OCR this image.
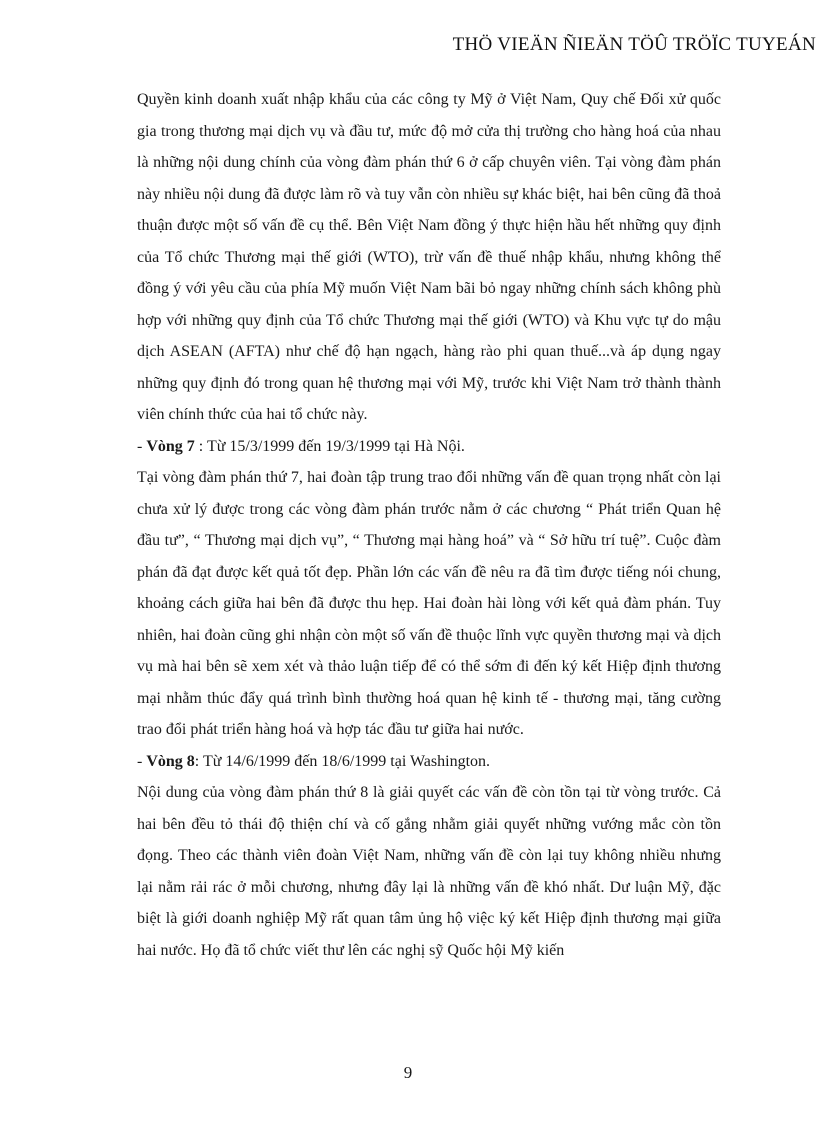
THÖ VIEÄN ÑIEÄN TÖÛ TRÖÏC TUYEÁN

Quyền kinh doanh xuất nhập khẩu của các công ty Mỹ ở Việt Nam, Quy chế Đối xử quốc gia trong thương mại dịch vụ và đầu tư, mức độ mở cửa thị trường cho hàng hoá của nhau là những nội dung chính của vòng đàm phán thứ 6 ở cấp chuyên viên. Tại vòng đàm phán này nhiều nội dung đã được làm rõ và tuy vẫn còn nhiều sự khác biệt, hai bên cũng đã thoả thuận được một số vấn đề cụ thể. Bên Việt Nam đồng ý thực hiện hầu hết những quy định của Tổ chức Thương mại thế giới (WTO), trừ vấn đề thuế nhập khẩu, nhưng không thể đồng ý với yêu cầu của phía Mỹ muốn Việt Nam bãi bỏ ngay những chính sách không phù hợp với những quy định của Tổ chức Thương mại thế giới (WTO) và Khu vực tự do mậu dịch ASEAN (AFTA) như chế độ hạn ngạch, hàng rào phi quan thuế...và áp dụng ngay những quy định đó trong quan hệ thương mại với Mỹ, trước khi Việt Nam trở thành thành viên chính thức của hai tổ chức này.

- Vòng 7 : Từ 15/3/1999 đến 19/3/1999 tại Hà Nội.

Tại vòng đàm phán thứ 7, hai đoàn tập trung trao đổi những vấn đề quan trọng nhất còn lại chưa xử lý được trong các vòng đàm phán trước nằm ở các chương “ Phát triển Quan hệ đầu tư”, “ Thương mại dịch vụ”, “ Thương mại hàng hoá” và “ Sở hữu trí tuệ”. Cuộc đàm phán đã đạt được kết quả tốt đẹp. Phần lớn các vấn đề nêu ra đã tìm được tiếng nói chung, khoảng cách giữa hai bên đã được thu hẹp. Hai đoàn hài lòng với kết quả đàm phán. Tuy nhiên, hai đoàn cũng ghi nhận còn một số vấn đề thuộc lĩnh vực quyền thương mại và dịch vụ mà hai bên sẽ xem xét và thảo luận tiếp để có thể sớm đi đến ký kết Hiệp định thương mại nhằm thúc đẩy quá trình bình thường hoá quan hệ kinh tế - thương mại, tăng cường trao đổi phát triển hàng hoá và hợp tác đầu tư giữa hai nước.

- Vòng 8: Từ 14/6/1999 đến 18/6/1999 tại Washington.

Nội dung của vòng đàm phán thứ 8 là giải quyết các vấn đề còn tồn tại từ vòng trước. Cả hai bên đều tỏ thái độ thiện chí và cố gắng nhằm giải quyết những vướng mắc còn tồn đọng. Theo các thành viên đoàn Việt Nam, những vấn đề còn lại tuy không nhiều nhưng lại nằm rải rác ở mỗi chương, nhưng đây lại là những vấn đề khó nhất. Dư luận Mỹ, đặc biệt là giới doanh nghiệp Mỹ rất quan tâm ủng hộ việc ký kết Hiệp định thương mại giữa hai nước. Họ đã tổ chức viết thư lên các nghị sỹ Quốc hội Mỹ kiến

9
